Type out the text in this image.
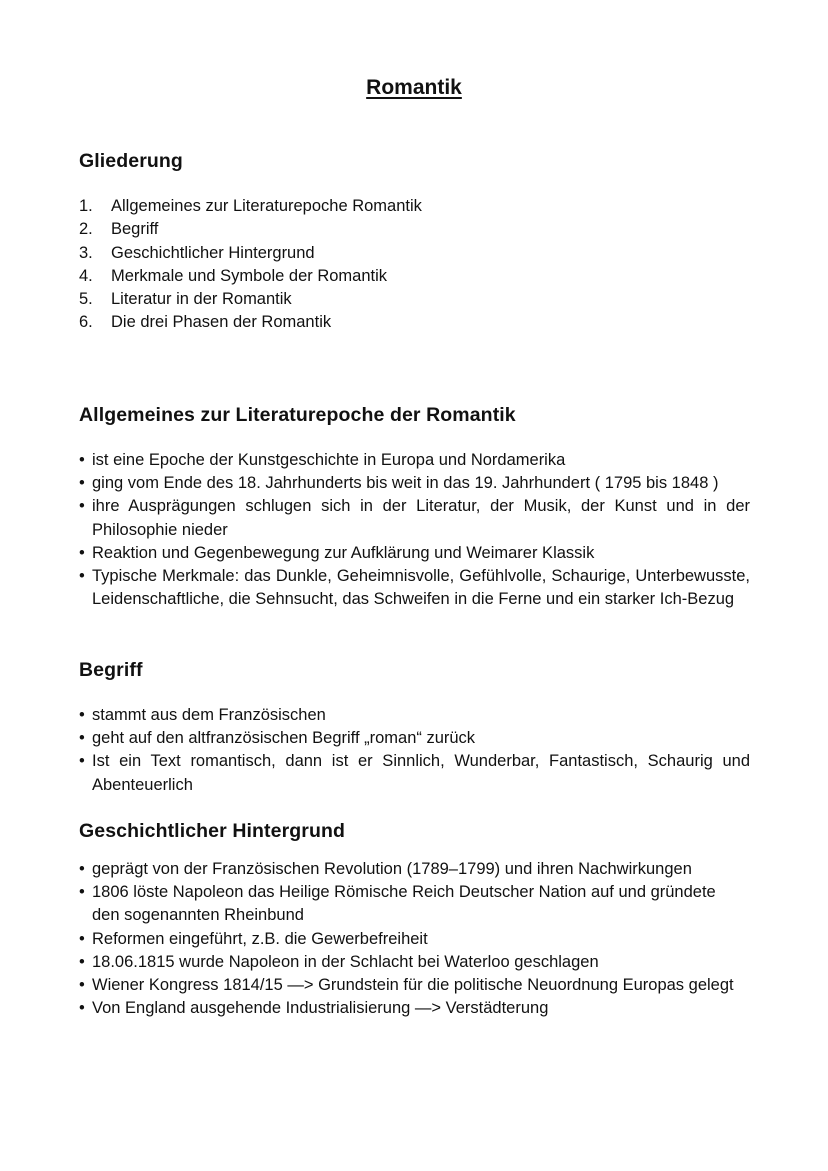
Romantik
Gliederung
1.	Allgemeines zur Literaturepoche Romantik
2.	Begriff
3.	Geschichtlicher Hintergrund
4.	Merkmale und Symbole der Romantik
5.	Literatur in der Romantik
6.	Die drei Phasen der Romantik
Allgemeines zur Literaturepoche der Romantik
• ist eine Epoche der Kunstgeschichte in Europa und Nordamerika
• ging vom Ende des 18. Jahrhunderts bis weit in das 19. Jahrhundert ( 1795 bis 1848 )
• ihre Ausprägungen schlugen sich in der Literatur, der Musik, der Kunst und in der Philosophie nieder
• Reaktion und Gegenbewegung zur Aufklärung und Weimarer Klassik
• Typische Merkmale: das Dunkle, Geheimnisvolle, Gefühlvolle, Schaurige, Unterbewusste, Leidenschaftliche, die Sehnsucht, das Schweifen in die Ferne und ein starker Ich-Bezug
Begriff
• stammt aus dem Französischen
• geht auf den altfranzösischen Begriff „roman“ zurück
• Ist ein Text romantisch, dann ist er Sinnlich, Wunderbar, Fantastisch, Schaurig und Abenteuerlich
Geschichtlicher Hintergrund
• geprägt von der Französischen Revolution (1789–1799) und ihren Nachwirkungen
• 1806 löste Napoleon das Heilige Römische Reich Deutscher Nation auf und gründete den sogenannten Rheinbund
• Reformen eingeführt, z.B. die Gewerbefreiheit
• 18.06.1815 wurde Napoleon in der Schlacht bei Waterloo geschlagen
• Wiener Kongress 1814/15 —> Grundstein für die politische Neuordnung Europas gelegt
• Von England ausgehende Industrialisierung —> Verstädterung
